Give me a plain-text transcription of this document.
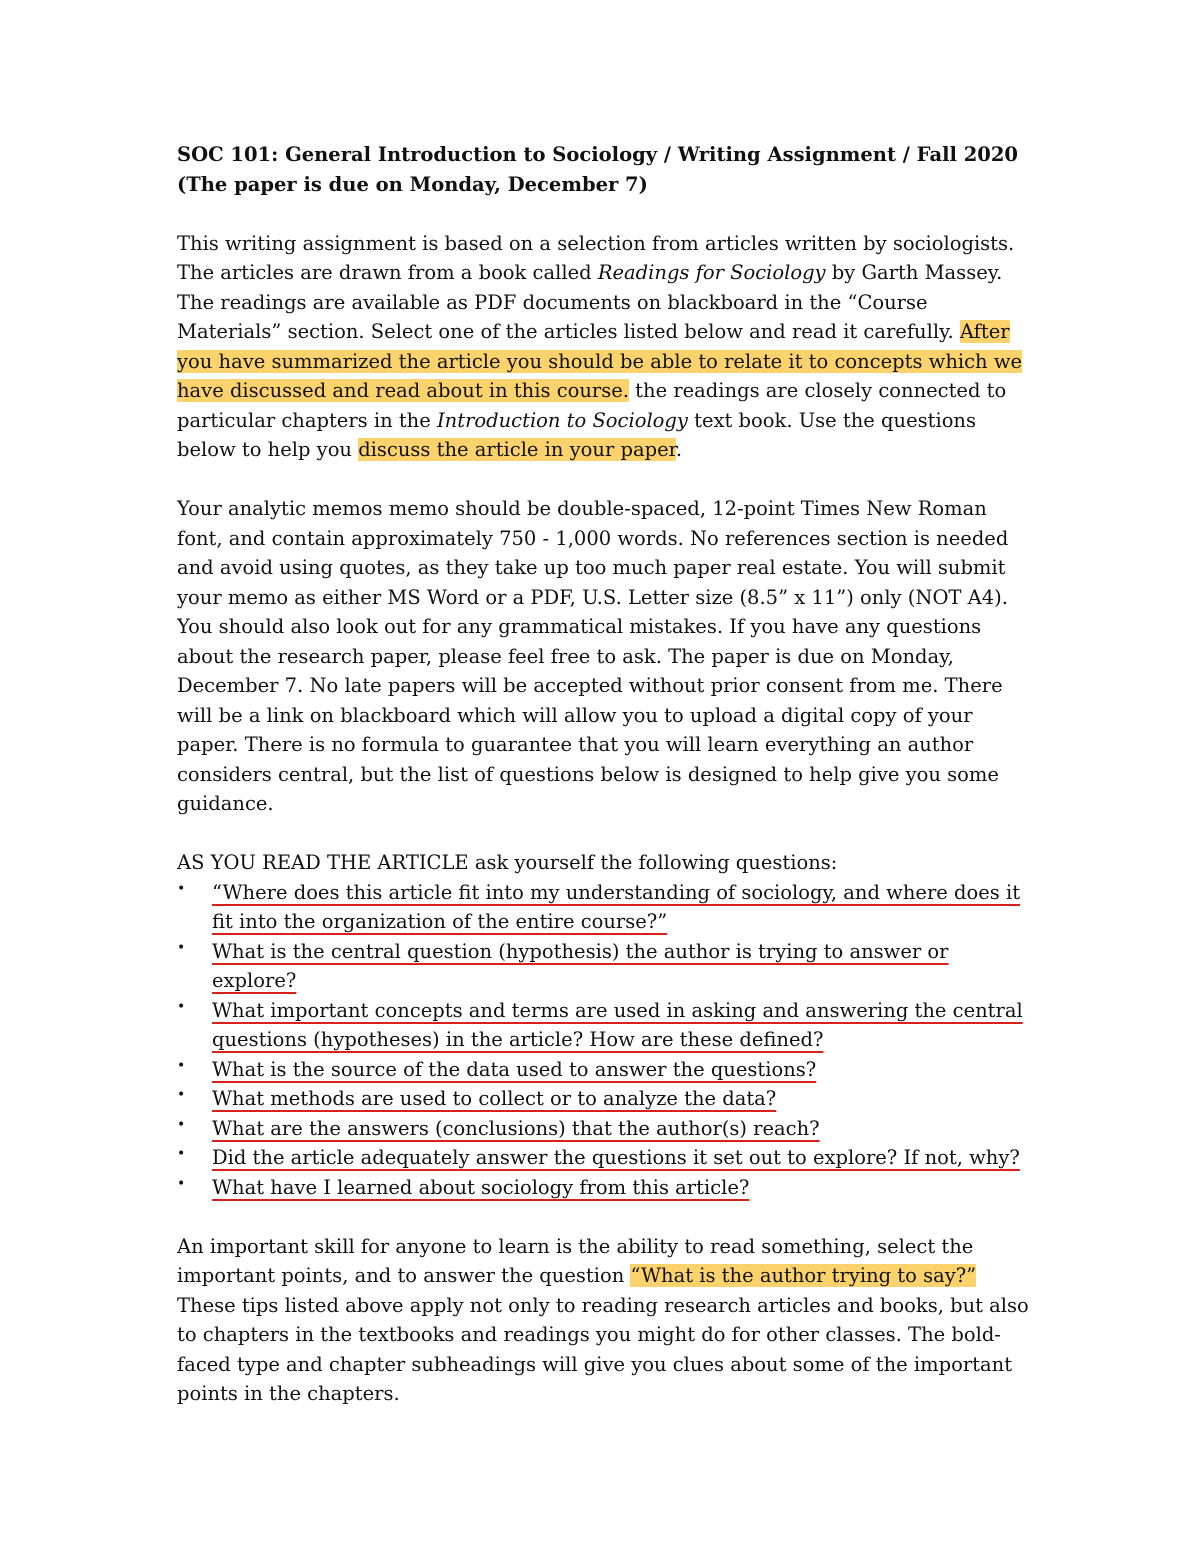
SOC 101: General Introduction to Sociology / Writing Assignment / Fall 2020
(The paper is due on Monday, December 7)

This writing assignment is based on a selection from articles written by sociologists. The articles are drawn from a book called Readings for Sociology by Garth Massey. The readings are available as PDF documents on blackboard in the “Course Materials” section. Select one of the articles listed below and read it carefully. After you have summarized the article you should be able to relate it to concepts which we have discussed and read about in this course. the readings are closely connected to particular chapters in the Introduction to Sociology text book. Use the questions below to help you discuss the article in your paper.

Your analytic memos memo should be double-spaced, 12-point Times New Roman font, and contain approximately 750 - 1,000 words. No references section is needed and avoid using quotes, as they take up too much paper real estate. You will submit your memo as either MS Word or a PDF, U.S. Letter size (8.5” x 11”) only (NOT A4). You should also look out for any grammatical mistakes. If you have any questions about the research paper, please feel free to ask. The paper is due on Monday, December 7. No late papers will be accepted without prior consent from me. There will be a link on blackboard which will allow you to upload a digital copy of your paper. There is no formula to guarantee that you will learn everything an author considers central, but the list of questions below is designed to help give you some guidance.

AS YOU READ THE ARTICLE ask yourself the following questions:

• “Where does this article fit into my understanding of sociology, and where does it fit into the organization of the entire course?”
• What is the central question (hypothesis) the author is trying to answer or explore?
• What important concepts and terms are used in asking and answering the central questions (hypotheses) in the article? How are these defined?
• What is the source of the data used to answer the questions?
• What methods are used to collect or to analyze the data?
• What are the answers (conclusions) that the author(s) reach?
• Did the article adequately answer the questions it set out to explore? If not, why?
• What have I learned about sociology from this article?

An important skill for anyone to learn is the ability to read something, select the important points, and to answer the question “What is the author trying to say?” These tips listed above apply not only to reading research articles and books, but also to chapters in the textbooks and readings you might do for other classes. The bold-faced type and chapter subheadings will give you clues about some of the important points in the chapters.
